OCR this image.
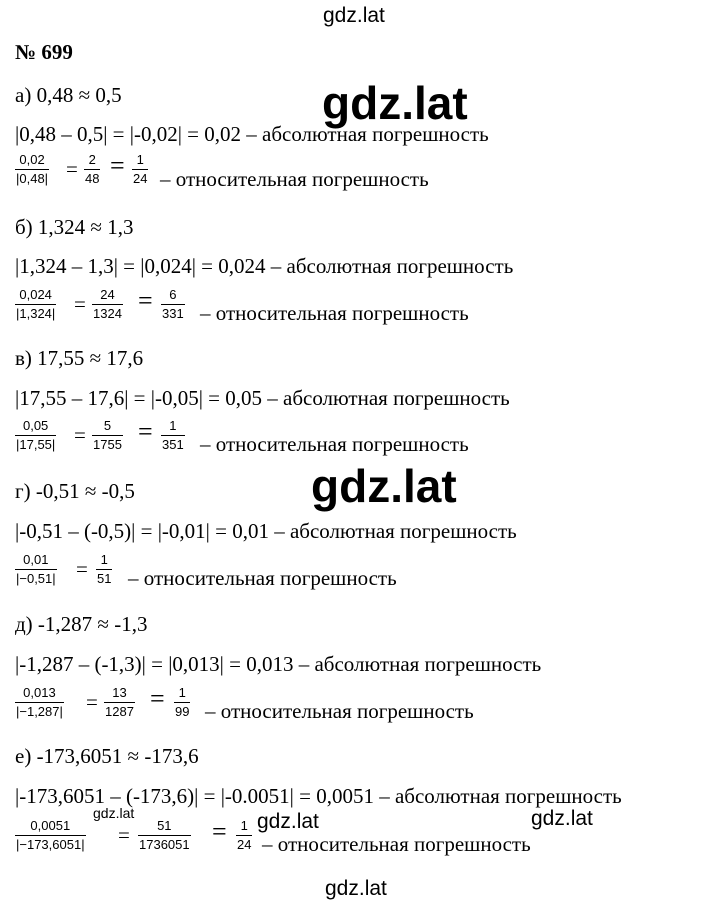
gdz.lat
gdz.lat
gdz.lat
gdz.lat	gdz.lat	gdz.lat
gdz.lat
№ 699
а) 0,48 ≈ 0,5
|0,48 – 0,5| = |-0,02| = 0,02 – абсолютная погрешность
$\frac{0,02}{|0,48|} = \frac{2}{48} = \frac{1}{24}$ – относительная погрешность
б) 1,324 ≈ 1,3
|1,324 – 1,3| = |0,024| = 0,024 – абсолютная погрешность
$\frac{0,024}{|1,324|} = \frac{24}{1324} = \frac{6}{331}$ – относительная погрешность
в) 17,55 ≈ 17,6
|17,55 – 17,6| = |-0,05| = 0,05 – абсолютная погрешность
$\frac{0,05}{|17,55|} = \frac{5}{1755} = \frac{1}{351}$ – относительная погрешность
г) -0,51 ≈ -0,5
|-0,51 – (-0,5)| = |-0,01| = 0,01 – абсолютная погрешность
$\frac{0,01}{|-0,51|} = \frac{1}{51}$ – относительная погрешность
д) -1,287 ≈ -1,3
|-1,287 – (-1,3)| = |0,013| = 0,013 – абсолютная погрешность
$\frac{0,013}{|-1,287|} = \frac{13}{1287} = \frac{1}{99}$ – относительная погрешность
е) -173,6051 ≈ -173,6
|-173,6051 – (-173,6)| = |-0.0051| = 0,0051 – абсолютная погрешность
$\frac{0,0051}{|-173,6051|} = \frac{51}{1736051} = \frac{1}{24}$ – относительная погрешность
